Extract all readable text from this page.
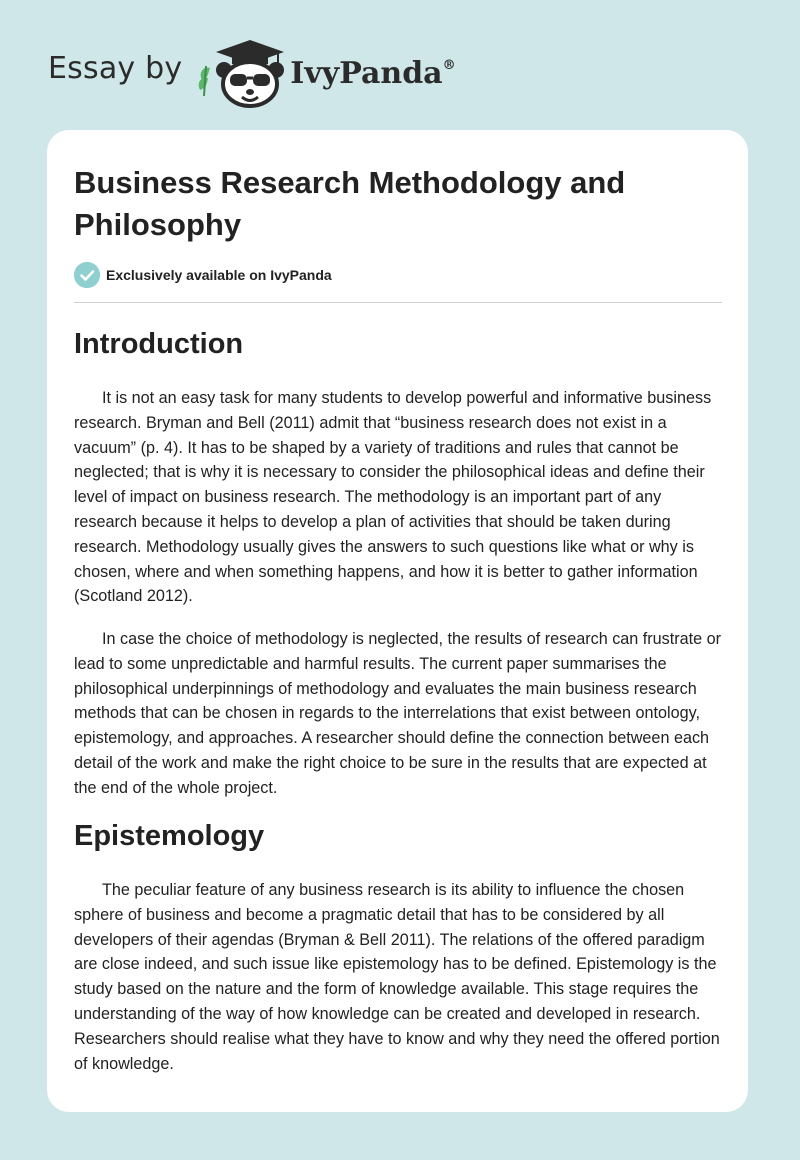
Essay by	IvyPanda®
Business Research Methodology and Philosophy
Exclusively available on IvyPanda
Introduction

It is not an easy task for many students to develop powerful and informative business research. Bryman and Bell (2011) admit that “business research does not exist in a vacuum” (p. 4). It has to be shaped by a variety of traditions and rules that cannot be neglected; that is why it is necessary to consider the philosophical ideas and define their level of impact on business research. The methodology is an important part of any research because it helps to develop a plan of activities that should be taken during research. Methodology usually gives the answers to such questions like what or why is chosen, where and when something happens, and how it is better to gather information (Scotland 2012).

In case the choice of methodology is neglected, the results of research can frustrate or lead to some unpredictable and harmful results. The current paper summarises the philosophical underpinnings of methodology and evaluates the main business research methods that can be chosen in regards to the interrelations that exist between ontology, epistemology, and approaches. A researcher should define the connection between each detail of the work and make the right choice to be sure in the results that are expected at the end of the whole project.

Epistemology

The peculiar feature of any business research is its ability to influence the chosen sphere of business and become a pragmatic detail that has to be considered by all developers of their agendas (Bryman & Bell 2011). The relations of the offered paradigm are close indeed, and such issue like epistemology has to be defined. Epistemology is the study based on the nature and the form of knowledge available. This stage requires the understanding of the way of how knowledge can be created and developed in research. Researchers should realise what they have to know and why they need the offered portion of knowledge.
